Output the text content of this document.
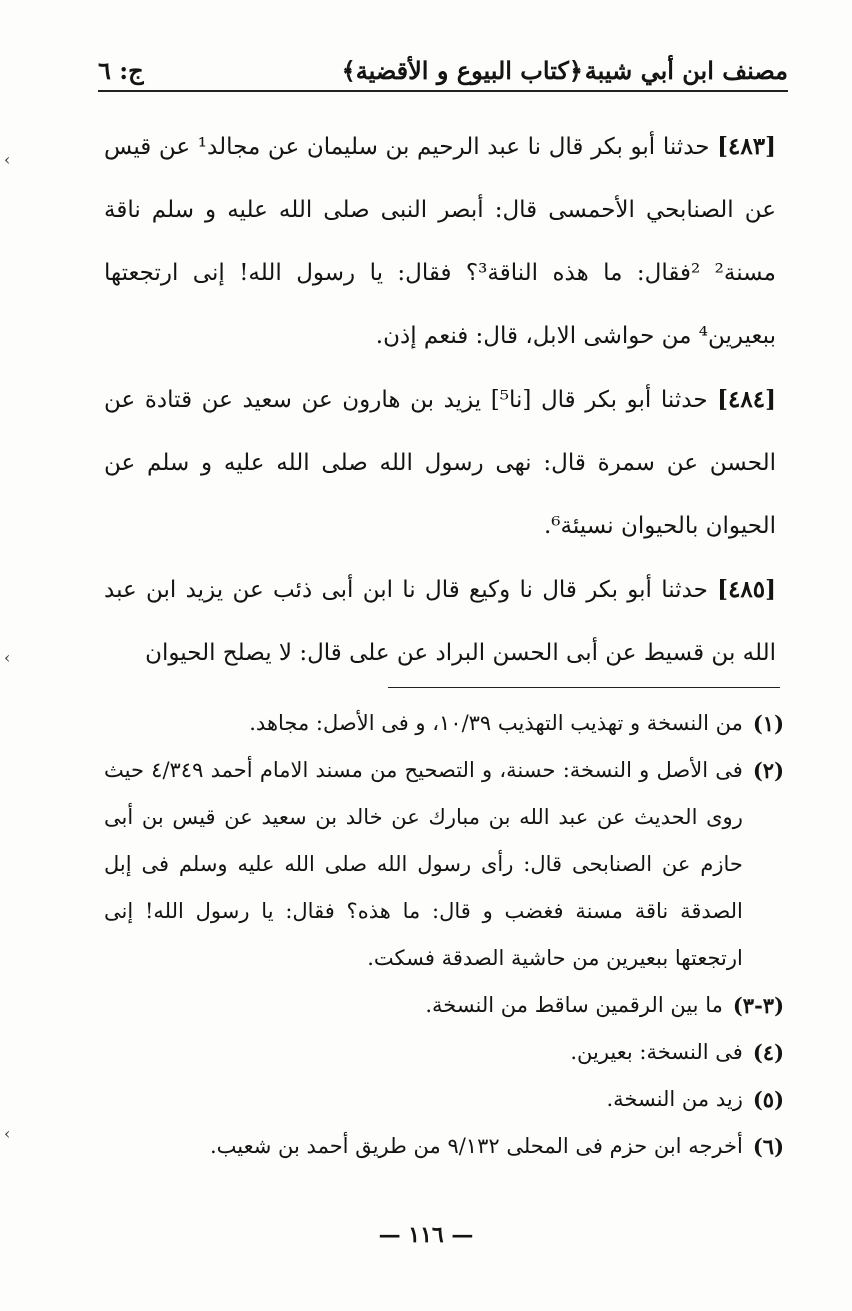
مصنف ابن أبي شيبة
﴿كتاب البيوع و الأقضية﴾
ج: ٦

[٤٨٣] حدثنا أبو بكر قال نا عبد الرحيم بن سليمان عن مجالد¹ عن قيس عن الصنابحي الأحمسى قال: أبصر النبى صلى الله عليه و سلم ناقة مسنة² ²فقال: ما هذه الناقة³؟ فقال: يا رسول الله! إنى ارتجعتها ببعيرين⁴ من حواشى الابل، قال: فنعم إذن.

[٤٨٤] حدثنا أبو بكر قال [نا⁵] يزيد بن هارون عن سعيد عن قتادة عن الحسن عن سمرة قال: نهى رسول الله صلى الله عليه و سلم عن الحيوان بالحيوان نسيئة⁶.

[٤٨٥] حدثنا أبو بكر قال نا وكيع قال نا ابن أبى ذئب عن يزيد ابن عبد الله بن قسيط عن أبى الحسن البراد عن على قال: لا يصلح الحيوان

(١)
من النسخة و تهذيب التهذيب ١٠/٣٩، و فى الأصل: مجاهد.
(٢)
فى الأصل و النسخة: حسنة، و التصحيح من مسند الامام أحمد ٤/٣٤٩ حيث روى الحديث عن عبد الله بن مبارك عن خالد بن سعيد عن قيس بن أبى حازم عن الصنابحى قال: رأى رسول الله صلى الله عليه وسلم فى إبل الصدقة ناقة مسنة فغضب و قال: ما هذه؟ فقال: يا رسول الله! إنى ارتجعتها ببعيرين من حاشية الصدقة فسكت.
(٣-٣)
ما بين الرقمين ساقط من النسخة.
(٤)
فى النسخة: بعيرين.
(٥)
زيد من النسخة.
(٦)
أخرجه ابن حزم فى المحلى ٩/١٣٢ من طريق أحمد بن شعيب.
— ١١٦ —
›
›
›
